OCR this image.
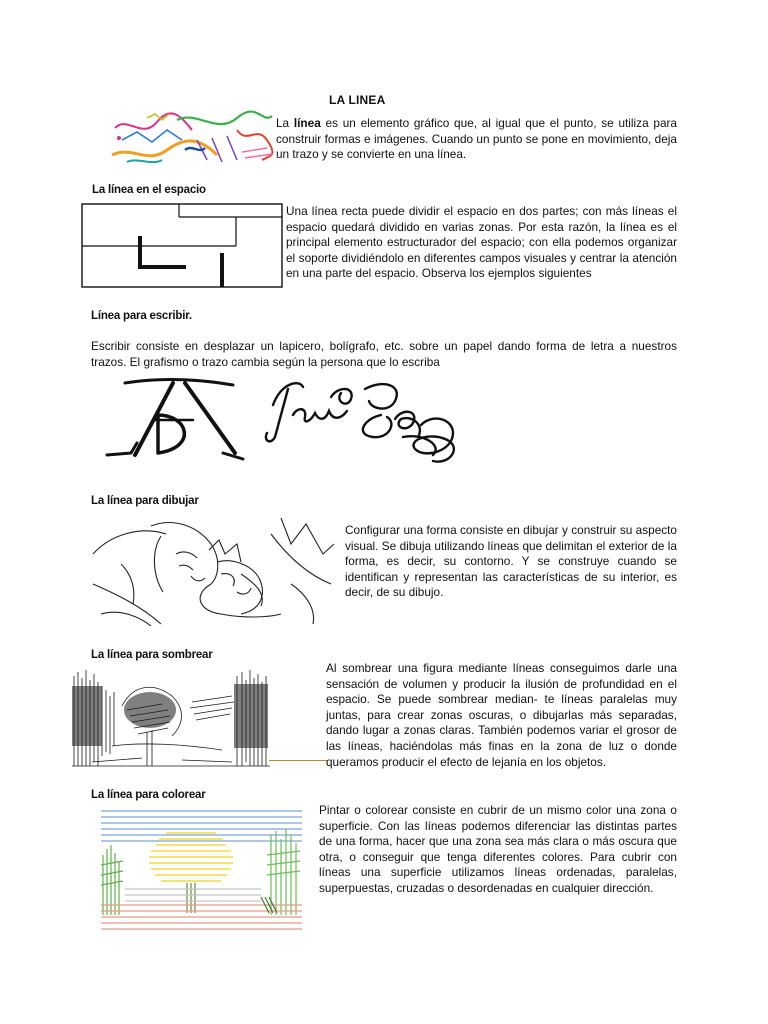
LA LINEA
La línea es un elemento gráfico que, al igual que el punto, se utiliza para construir formas e imágenes. Cuando un punto se pone en movimiento, deja un trazo y se convierte en una línea.
La línea en el espacio
Una línea recta puede dividir el espacio en dos partes; con más líneas el espacio quedará dividido en varias zonas. Por esta razón, la línea es el principal elemento estructurador del espacio; con ella podemos organizar el soporte dividiéndolo en diferentes campos visuales y centrar la atención en una parte del espacio. Observa los ejemplos siguientes
Línea para escribir.
Escribir consiste en desplazar un lapicero, bolígrafo, etc. sobre un papel dando forma de letra a nuestros trazos. El grafismo o trazo cambia según la persona que lo escriba
La línea para dibujar
Configurar una forma consiste en dibujar y construir su aspecto visual. Se dibuja utilizando líneas que delimitan el exterior de la forma, es decir, su contorno. Y se construye cuando se identifican y representan las características de su interior, es decir, de su dibujo.
La línea para sombrear
Al sombrear una figura mediante líneas conseguimos darle una sensación de volumen y producir la ilusión de profundidad en el espacio. Se puede sombrear median- te líneas paralelas muy juntas, para crear zonas oscuras, o dibujarlas más separadas, dando lugar a zonas claras. También podemos variar el grosor de las líneas, haciéndolas más finas en la zona de luz o donde queramos producir el efecto de lejanía en los objetos.
La línea para colorear
Pintar o colorear consiste en cubrir de un mismo color una zona o superficie. Con las líneas podemos diferenciar las distintas partes de una forma, hacer que una zona sea más clara o más oscura que otra, o conseguir que tenga diferentes colores. Para cubrir con líneas una superficie utilizamos líneas ordenadas, paralelas, superpuestas, cruzadas o desordenadas en cualquier dirección.
